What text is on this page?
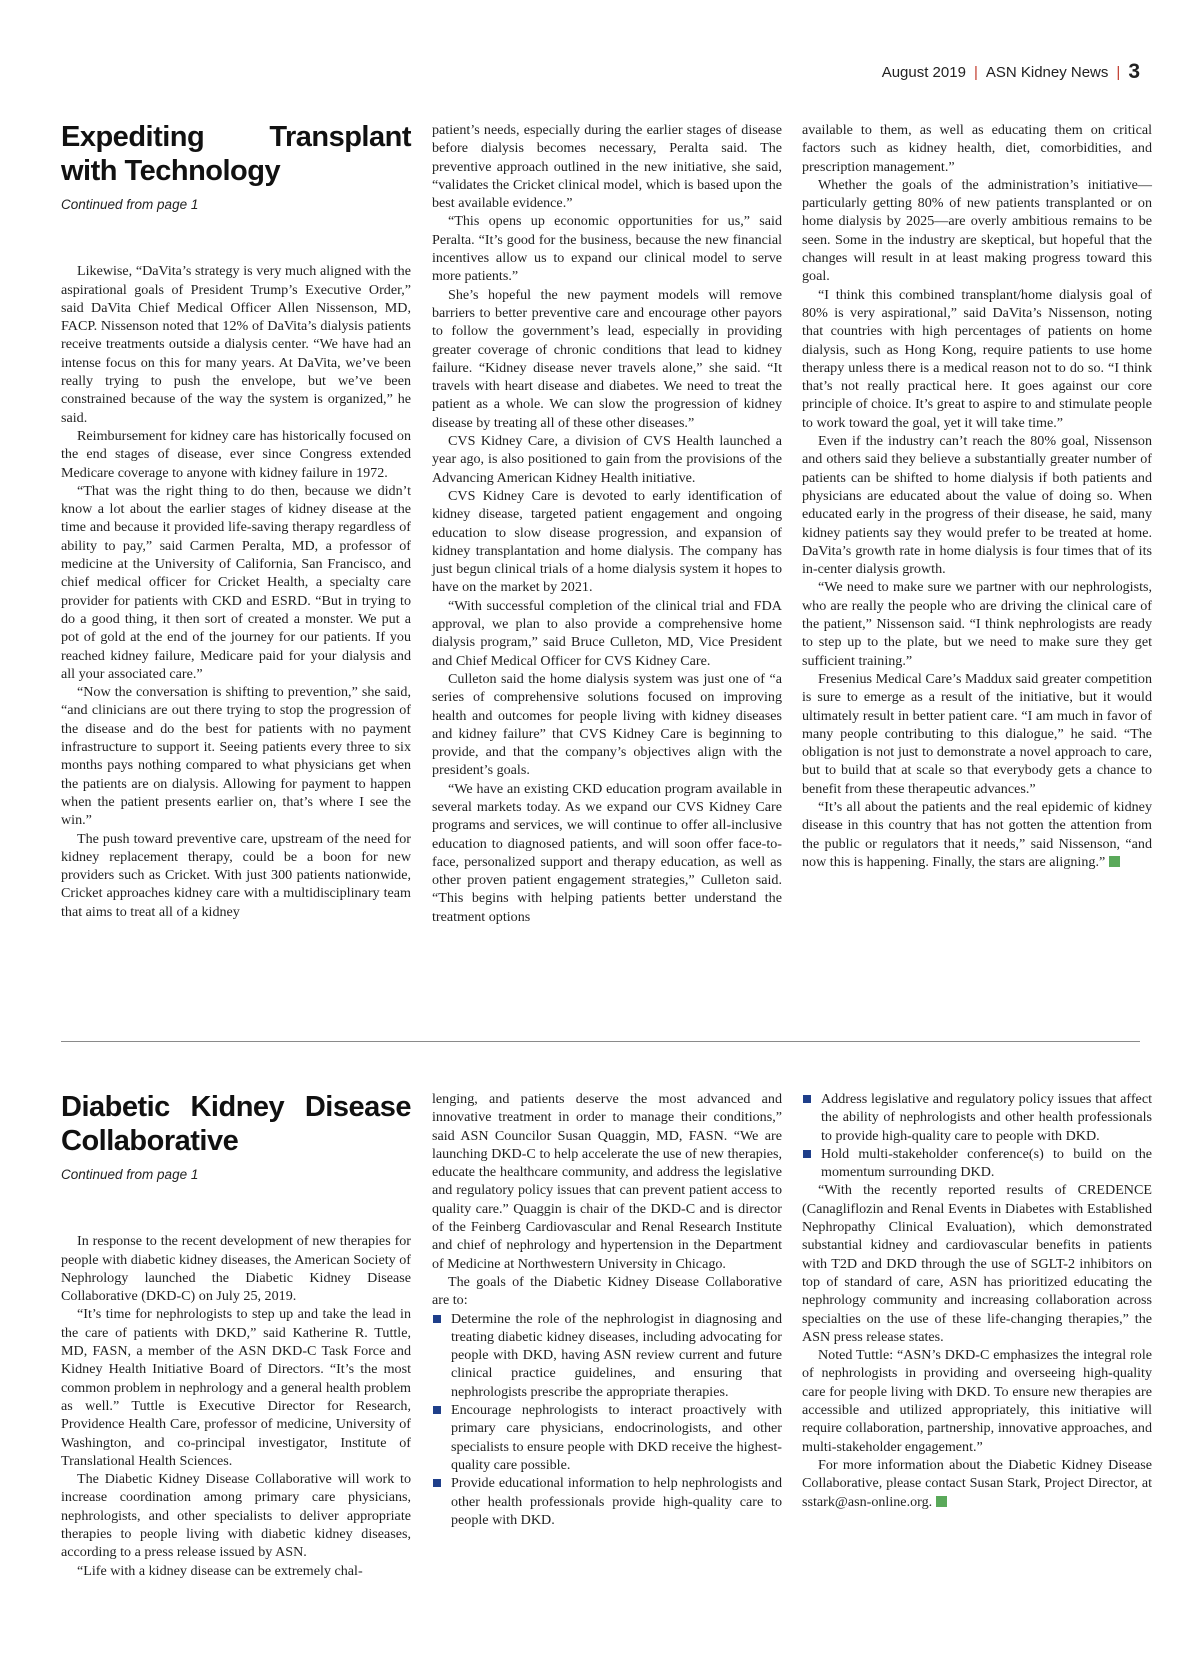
August 2019 | ASN Kidney News | 3
Expediting Transplant with Technology
Continued from page 1

Likewise, “DaVita’s strategy is very much aligned with the aspirational goals of President Trump’s Executive Order,” said DaVita Chief Medical Officer Allen Nissenson, MD, FACP. Nissenson noted that 12% of DaVita’s dialysis patients receive treatments outside a dialysis center. “We have had an intense focus on this for many years. At DaVita, we’ve been really trying to push the envelope, but we’ve been constrained because of the way the system is organized,” he said.

Reimbursement for kidney care has historically focused on the end stages of disease, ever since Congress extended Medicare coverage to anyone with kidney failure in 1972.

“That was the right thing to do then, because we didn’t know a lot about the earlier stages of kidney disease at the time and because it provided life-saving therapy regardless of ability to pay,” said Carmen Peralta, MD, a professor of medicine at the University of California, San Francisco, and chief medical officer for Cricket Health, a specialty care provider for patients with CKD and ESRD. “But in trying to do a good thing, it then sort of created a monster. We put a pot of gold at the end of the journey for our patients. If you reached kidney failure, Medicare paid for your dialysis and all your associated care.”

“Now the conversation is shifting to prevention,” she said, “and clinicians are out there trying to stop the progression of the disease and do the best for patients with no payment infrastructure to support it. Seeing patients every three to six months pays nothing compared to what physicians get when the patients are on dialysis. Allowing for payment to happen when the patient presents earlier on, that’s where I see the win.”

The push toward preventive care, upstream of the need for kidney replacement therapy, could be a boon for new providers such as Cricket. With just 300 patients nationwide, Cricket approaches kidney care with a multidisciplinary team that aims to treat all of a kidney

patient’s needs, especially during the earlier stages of disease before dialysis becomes necessary, Peralta said. The preventive approach outlined in the new initiative, she said, “validates the Cricket clinical model, which is based upon the best available evidence.”

“This opens up economic opportunities for us,” said Peralta. “It’s good for the business, because the new financial incentives allow us to expand our clinical model to serve more patients.”

She’s hopeful the new payment models will remove barriers to better preventive care and encourage other payors to follow the government’s lead, especially in providing greater coverage of chronic conditions that lead to kidney failure. “Kidney disease never travels alone,” she said. “It travels with heart disease and diabetes. We need to treat the patient as a whole. We can slow the progression of kidney disease by treating all of these other diseases.”

CVS Kidney Care, a division of CVS Health launched a year ago, is also positioned to gain from the provisions of the Advancing American Kidney Health initiative.

CVS Kidney Care is devoted to early identification of kidney disease, targeted patient engagement and ongoing education to slow disease progression, and expansion of kidney transplantation and home dialysis. The company has just begun clinical trials of a home dialysis system it hopes to have on the market by 2021.

“With successful completion of the clinical trial and FDA approval, we plan to also provide a comprehensive home dialysis program,” said Bruce Culleton, MD, Vice President and Chief Medical Officer for CVS Kidney Care.

Culleton said the home dialysis system was just one of “a series of comprehensive solutions focused on improving health and outcomes for people living with kidney diseases and kidney failure” that CVS Kidney Care is beginning to provide, and that the company’s objectives align with the president’s goals.

“We have an existing CKD education program available in several markets today. As we expand our CVS Kidney Care programs and services, we will continue to offer all-inclusive education to diagnosed patients, and will soon offer face-to-face, personalized support and therapy education, as well as other proven patient engagement strategies,” Culleton said. “This begins with helping patients better understand the treatment options

available to them, as well as educating them on critical factors such as kidney health, diet, comorbidities, and prescription management.”

Whether the goals of the administration’s initiative—particularly getting 80% of new patients transplanted or on home dialysis by 2025—are overly ambitious remains to be seen. Some in the industry are skeptical, but hopeful that the changes will result in at least making progress toward this goal.

“I think this combined transplant/home dialysis goal of 80% is very aspirational,” said DaVita’s Nissenson, noting that countries with high percentages of patients on home dialysis, such as Hong Kong, require patients to use home therapy unless there is a medical reason not to do so. “I think that’s not really practical here. It goes against our core principle of choice. It’s great to aspire to and stimulate people to work toward the goal, yet it will take time.”

Even if the industry can’t reach the 80% goal, Nissenson and others said they believe a substantially greater number of patients can be shifted to home dialysis if both patients and physicians are educated about the value of doing so. When educated early in the progress of their disease, he said, many kidney patients say they would prefer to be treated at home. DaVita’s growth rate in home dialysis is four times that of its in-center dialysis growth.

“We need to make sure we partner with our nephrologists, who are really the people who are driving the clinical care of the patient,” Nissenson said. “I think nephrologists are ready to step up to the plate, but we need to make sure they get sufficient training.”

Fresenius Medical Care’s Maddux said greater competition is sure to emerge as a result of the initiative, but it would ultimately result in better patient care. “I am much in favor of many people contributing to this dialogue,” he said. “The obligation is not just to demonstrate a novel approach to care, but to build that at scale so that everybody gets a chance to benefit from these therapeutic advances.”

“It’s all about the patients and the real epidemic of kidney disease in this country that has not gotten the attention from the public or regulators that it needs,” said Nissenson, “and now this is happening. Finally, the stars are aligning.”

Diabetic Kidney Disease Collaborative
Continued from page 1

In response to the recent development of new therapies for people with diabetic kidney diseases, the American Society of Nephrology launched the Diabetic Kidney Disease Collaborative (DKD-C) on July 25, 2019.

“It’s time for nephrologists to step up and take the lead in the care of patients with DKD,” said Katherine R. Tuttle, MD, FASN, a member of the ASN DKD-C Task Force and Kidney Health Initiative Board of Directors. “It’s the most common problem in nephrology and a general health problem as well.” Tuttle is Executive Director for Research, Providence Health Care, professor of medicine, University of Washington, and co-principal investigator, Institute of Translational Health Sciences.

The Diabetic Kidney Disease Collaborative will work to increase coordination among primary care physicians, nephrologists, and other specialists to deliver appropriate therapies to people living with diabetic kidney diseases, according to a press release issued by ASN.

“Life with a kidney disease can be extremely chal-

lenging, and patients deserve the most advanced and innovative treatment in order to manage their conditions,” said ASN Councilor Susan Quaggin, MD, FASN. “We are launching DKD-C to help accelerate the use of new therapies, educate the healthcare community, and address the legislative and regulatory policy issues that can prevent patient access to quality care.” Quaggin is chair of the DKD-C and is director of the Feinberg Cardiovascular and Renal Research Institute and chief of nephrology and hypertension in the Department of Medicine at Northwestern University in Chicago.

The goals of the Diabetic Kidney Disease Collaborative are to:

Determine the role of the nephrologist in diagnosing and treating diabetic kidney diseases, including advocating for people with DKD, having ASN review current and future clinical practice guidelines, and ensuring that nephrologists prescribe the appropriate therapies.
Encourage nephrologists to interact proactively with primary care physicians, endocrinologists, and other specialists to ensure people with DKD receive the highest-quality care possible.
Provide educational information to help nephrologists and other health professionals provide high-quality care to people with DKD.
Address legislative and regulatory policy issues that affect the ability of nephrologists and other health professionals to provide high-quality care to people with DKD.
Hold multi-stakeholder conference(s) to build on the momentum surrounding DKD.

“With the recently reported results of CREDENCE (Canagliflozin and Renal Events in Diabetes with Established Nephropathy Clinical Evaluation), which demonstrated substantial kidney and cardiovascular benefits in patients with T2D and DKD through the use of SGLT-2 inhibitors on top of standard of care, ASN has prioritized educating the nephrology community and increasing collaboration across specialties on the use of these life-changing therapies,” the ASN press release states.

Noted Tuttle: “ASN’s DKD-C emphasizes the integral role of nephrologists in providing and overseeing high-quality care for people living with DKD. To ensure new therapies are accessible and utilized appropriately, this initiative will require collaboration, partnership, innovative approaches, and multi-stakeholder engagement.”

For more information about the Diabetic Kidney Disease Collaborative, please contact Susan Stark, Project Director, at sstark@asn-online.org.
